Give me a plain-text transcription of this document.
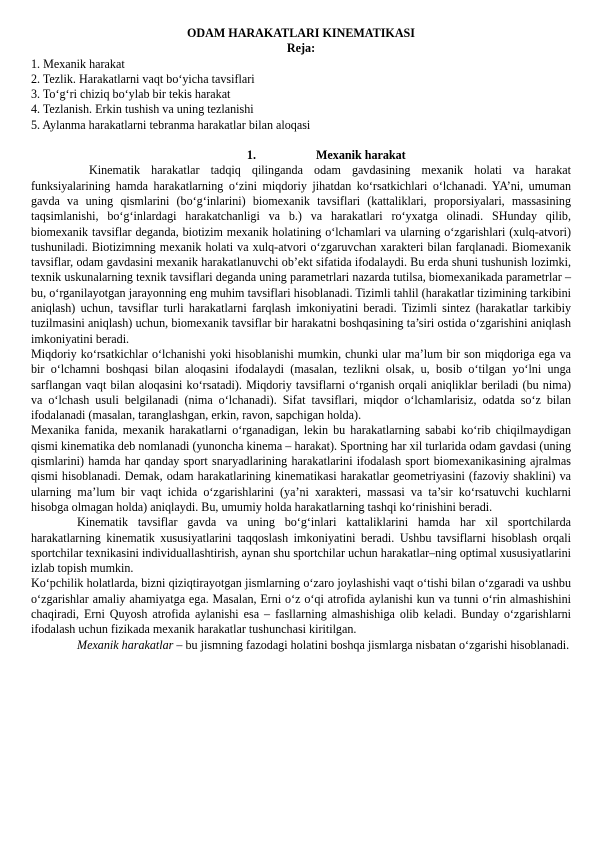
ODAM HARAKATLARI KINEMATIKASI

Reja:

1. Mexanik harakat
2. Tezlik. Harakatlarni vaqt bo‘yicha tavsiflari
3. To‘g‘ri chiziq bo‘ylab bir tekis harakat
4. Tezlanish. Erkin tushish va uning tezlanishi
5. Aylanma harakatlarni tebranma harakatlar bilan aloqasi
1.	Mexanik harakat

Kinematik harakatlar tadqiq qilinganda odam gavdasining mexanik holati va harakat funksiyalarining hamda harakatlarning o‘zini miqdoriy jihatdan ko‘rsatkichlari o‘lchanadi. YA’ni, umuman gavda va uning qismlarini (bo‘g‘inlarini) biomexanik tavsiflari (kattaliklari, proporsiyalari, massasining taqsimlanishi, bo‘g‘inlardagi harakatchanligi va b.) va harakatlari ro‘yxatga olinadi. SHunday qilib, biomexanik tavsiflar deganda, biotizim mexanik holatining o‘lchamlari va ularning o‘zgarishlari (xulq-atvori) tushuniladi. Biotizimning mexanik holati va xulq-atvori o‘zgaruvchan xarakteri bilan farqlanadi. Biomexanik tavsiflar, odam gavdasini mexanik harakatlanuvchi ob’ekt sifatida ifodalaydi. Bu erda shuni tushunish lozimki, texnik uskunalarning texnik tavsiflari deganda uning parametrlari nazarda tutilsa, biomexanikada parametrlar – bu, o‘rganilayotgan jarayonning eng muhim tavsiflari hisoblanadi. Tizimli tahlil (harakatlar tizimining tarkibini aniqlash) uchun, tavsiflar turli harakatlarni farqlash imkoniyatini beradi. Tizimli sintez (harakatlar tarkibiy tuzilmasini aniqlash) uchun, biomexanik tavsiflar bir harakatni boshqasining ta’siri ostida o‘zgarishini aniqlash imkoniyatini beradi.

Miqdoriy ko‘rsatkichlar o‘lchanishi yoki hisoblanishi mumkin, chunki ular ma’lum bir son miqdoriga ega va bir o‘lchamni boshqasi bilan aloqasini ifodalaydi (masalan, tezlikni olsak, u, bosib o‘tilgan yo‘lni unga sarflangan vaqt bilan aloqasini ko‘rsatadi). Miqdoriy tavsiflarni o‘rganish orqali aniqliklar beriladi (bu nima) va o‘lchash usuli belgilanadi (nima o‘lchanadi). Sifat tavsiflari, miqdor o‘lchamlarisiz, odatda so‘z bilan ifodalanadi (masalan, taranglashgan, erkin, ravon, sapchigan holda).

Mexanika fanida, mexanik harakatlarni o‘rganadigan, lekin bu harakatlarning sababi ko‘rib chiqilmaydigan qismi kinematika deb nomlanadi (yunoncha kinema – harakat). Sportning har xil turlarida odam gavdasi (uning qismlarini) hamda har qanday sport snaryadlarining harakatlarini ifodalash sport biomexanikasining ajralmas qismi hisoblanadi. Demak, odam harakatlarining kinematikasi harakatlar geometriyasini (fazoviy shaklini) va ularning ma’lum bir vaqt ichida o‘zgarishlarini (ya’ni xarakteri, massasi va ta’sir ko‘rsatuvchi kuchlarni hisobga olmagan holda) aniqlaydi. Bu, umumiy holda harakatlarning tashqi ko‘rinishini beradi.

Kinematik tavsiflar gavda va uning bo‘g‘inlari kattaliklarini hamda har xil sportchilarda harakatlarning kinematik xususiyatlarini taqqoslash imkoniyatini beradi. Ushbu tavsiflarni hisoblash orqali sportchilar texnikasini individuallashtirish, aynan shu sportchilar uchun harakatlar–ning optimal xususiyatlarini izlab topish mumkin.

Ko‘pchilik holatlarda, bizni qiziqtirayotgan jismlarning o‘zaro joylashishi vaqt o‘tishi bilan o‘zgaradi va ushbu o‘zgarishlar amaliy ahamiyatga ega. Masalan, Erni o‘z o‘qi atrofida aylanishi kun va tunni o‘rin almashishini chaqiradi, Erni Quyosh atrofida aylanishi esa – fasllarning almashishiga olib keladi. Bunday o‘zgarishlarni ifodalash uchun fizikada mexanik harakatlar tushunchasi kiritilgan.

Mexanik harakatlar – bu jismning fazodagi holatini boshqa jismlarga nisbatan o‘zgarishi hisoblanadi.
